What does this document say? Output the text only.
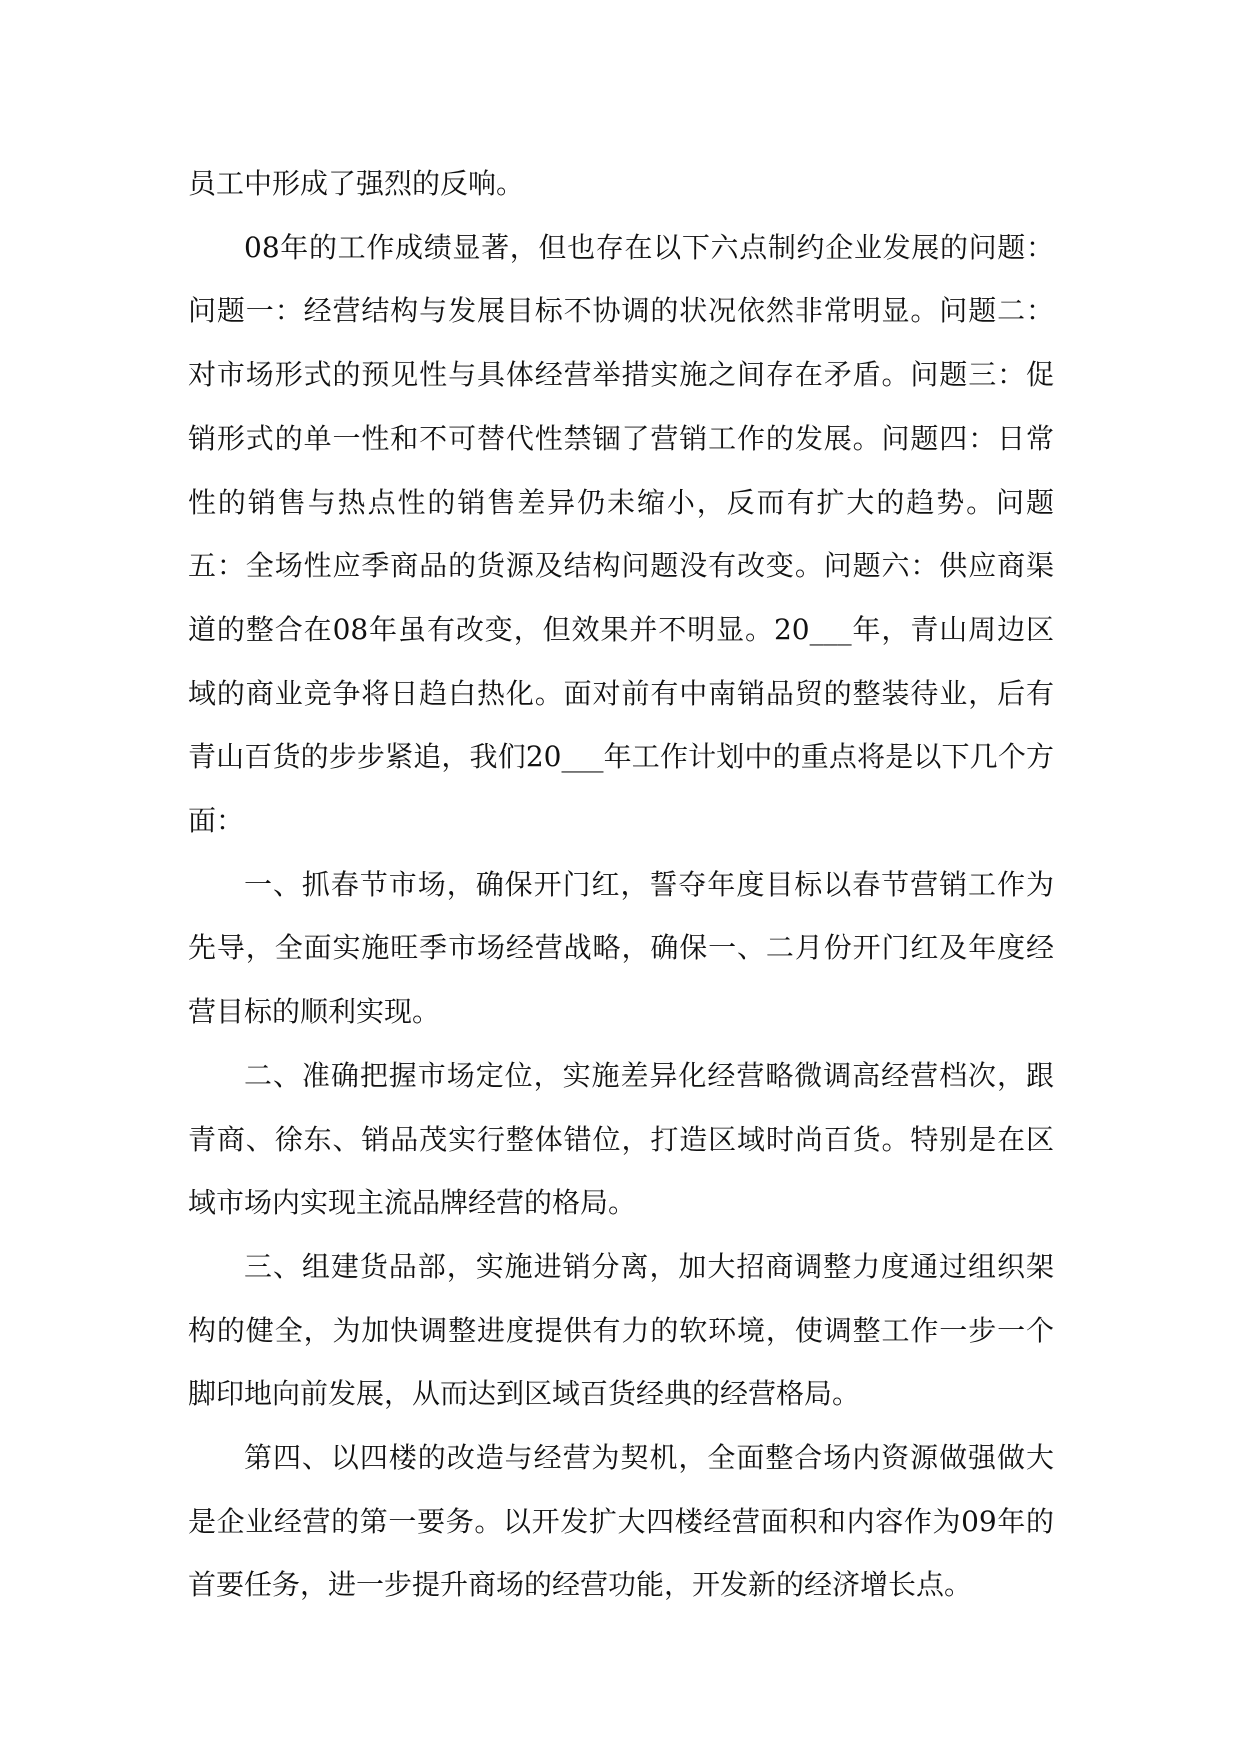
员工中形成了强烈的反响。

08年的工作成绩显著，但也存在以下六点制约企业发展的问题：问题一：经营结构与发展目标不协调的状况依然非常明显。问题二：对市场形式的预见性与具体经营举措实施之间存在矛盾。问题三：促销形式的单一性和不可替代性禁锢了营销工作的发展。问题四：日常性的销售与热点性的销售差异仍未缩小，反而有扩大的趋势。问题五：全场性应季商品的货源及结构问题没有改变。问题六：供应商渠道的整合在08年虽有改变，但效果并不明显。20___年，青山周边区域的商业竞争将日趋白热化。面对前有中南销品贸的整装待业，后有青山百货的步步紧追，我们20___年工作计划中的重点将是以下几个方面：

一、抓春节市场，确保开门红，誓夺年度目标以春节营销工作为先导，全面实施旺季市场经营战略，确保一、二月份开门红及年度经营目标的顺利实现。

二、准确把握市场定位，实施差异化经营略微调高经营档次，跟青商、徐东、销品茂实行整体错位，打造区域时尚百货。特别是在区域市场内实现主流品牌经营的格局。

三、组建货品部，实施进销分离，加大招商调整力度通过组织架构的健全，为加快调整进度提供有力的软环境，使调整工作一步一个脚印地向前发展，从而达到区域百货经典的经营格局。

第四、以四楼的改造与经营为契机，全面整合场内资源做强做大是企业经营的第一要务。以开发扩大四楼经营面积和内容作为09年的首要任务，进一步提升商场的经营功能，开发新的经济增长点。
